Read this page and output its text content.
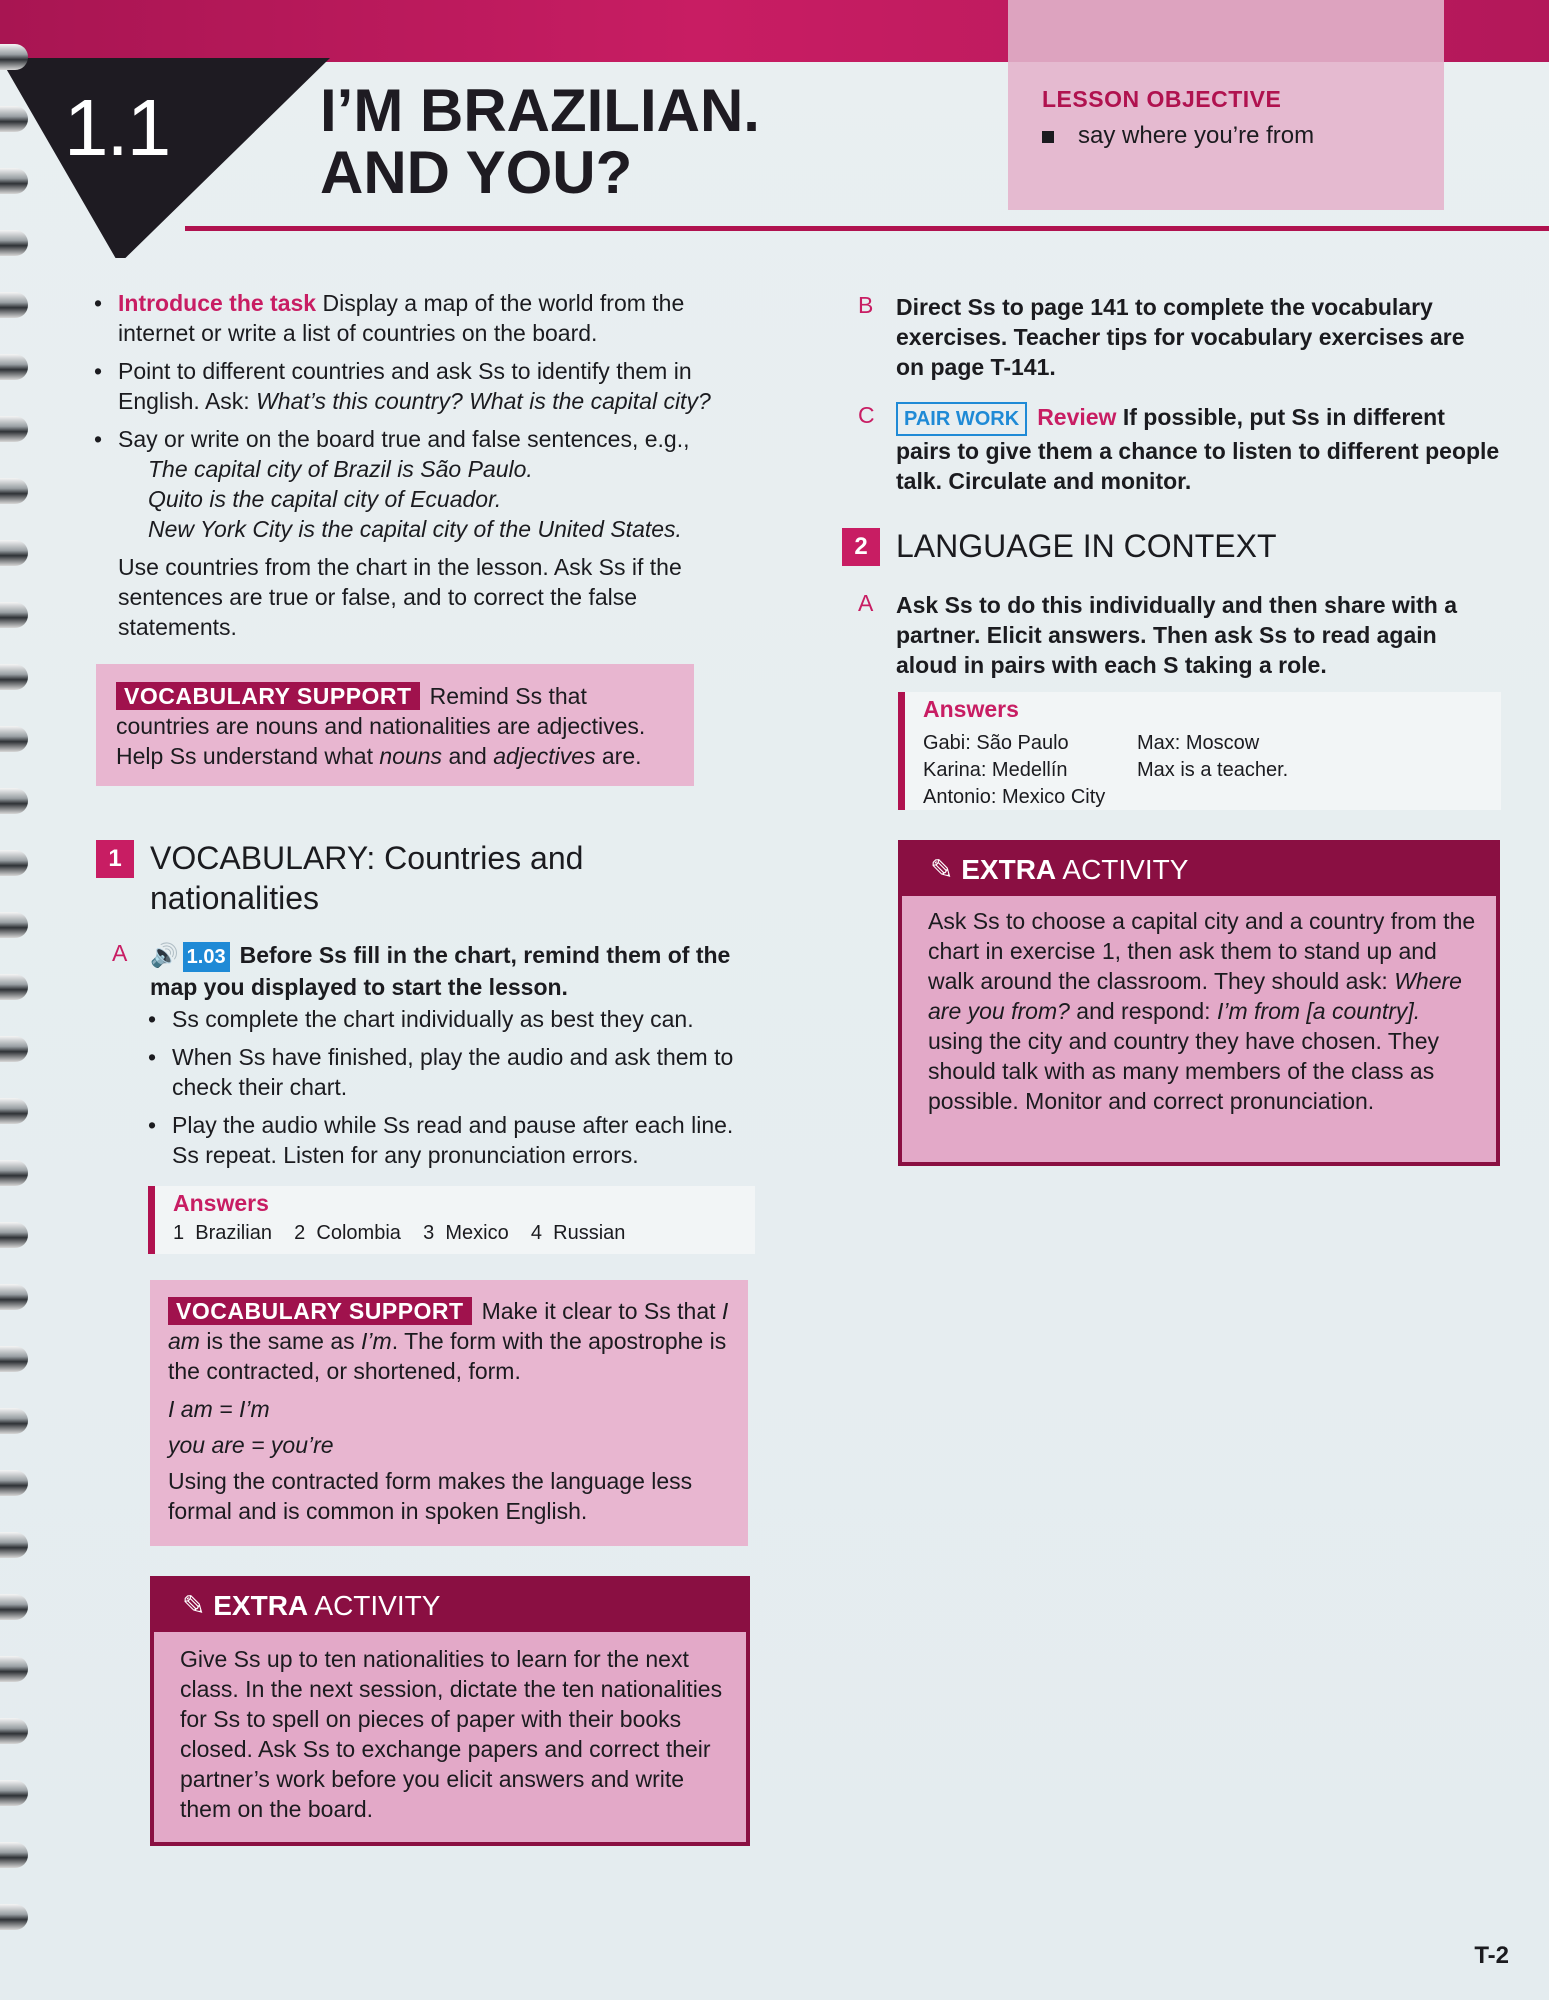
LESSON OBJECTIVE
say where you’re from
1.1	I’M BRAZILIAN.
AND YOU?
• Introduce the task Display a map of the world from the internet or write a list of countries on the board.
• Point to different countries and ask Ss to identify them in English. Ask: What’s this country? What is the capital city?
• Say or write on the board true and false sentences, e.g.,
The capital city of Brazil is São Paulo.
Quito is the capital city of Ecuador.
New York City is the capital city of the United States.
Use countries from the chart in the lesson. Ask Ss if the sentences are true or false, and to correct the false statements.
VOCABULARY SUPPORT Remind Ss that countries are nouns and nationalities are adjectives. Help Ss understand what nouns and adjectives are.
1 VOCABULARY: Countries and
nationalities
A 🔊 1.03 Before Ss fill in the chart, remind them of the map you displayed to start the lesson.
• Ss complete the chart individually as best they can.
• When Ss have finished, play the audio and ask them to check their chart.
• Play the audio while Ss read and pause after each line. Ss repeat. Listen for any pronunciation errors.
Answers
1  Brazilian    2  Colombia    3  Mexico    4  Russian
VOCABULARY SUPPORT Make it clear to Ss that I am is the same as I’m. The form with the apostrophe is the contracted, or shortened, form.
I am = I’m
you are = you’re
Using the contracted form makes the language less formal and is common in spoken English.
✎ EXTRA ACTIVITY
Give Ss up to ten nationalities to learn for the next class. In the next session, dictate the ten nationalities for Ss to spell on pieces of paper with their books closed. Ask Ss to exchange papers and correct their partner’s work before you elicit answers and write them on the board.
B Direct Ss to page 141 to complete the vocabulary exercises. Teacher tips for vocabulary exercises are on page T-141.
C	PAIR WORK Review If possible, put Ss in different pairs to give them a chance to listen to different people talk. Circulate and monitor.
2 LANGUAGE IN CONTEXT
A Ask Ss to do this individually and then share with a partner. Elicit answers. Then ask Ss to read again aloud in pairs with each S taking a role.
Answers
Gabi: São Paulo
Karina: Medellín
Antonio: Mexico City
Max: Moscow
Max is a teacher.
✎ EXTRA ACTIVITY
Ask Ss to choose a capital city and a country from the chart in exercise 1, then ask them to stand up and walk around the classroom. They should ask: Where are you from? and respond: I’m from [a country]. using the city and country they have chosen. They should talk with as many members of the class as possible. Monitor and correct pronunciation.
T-2
